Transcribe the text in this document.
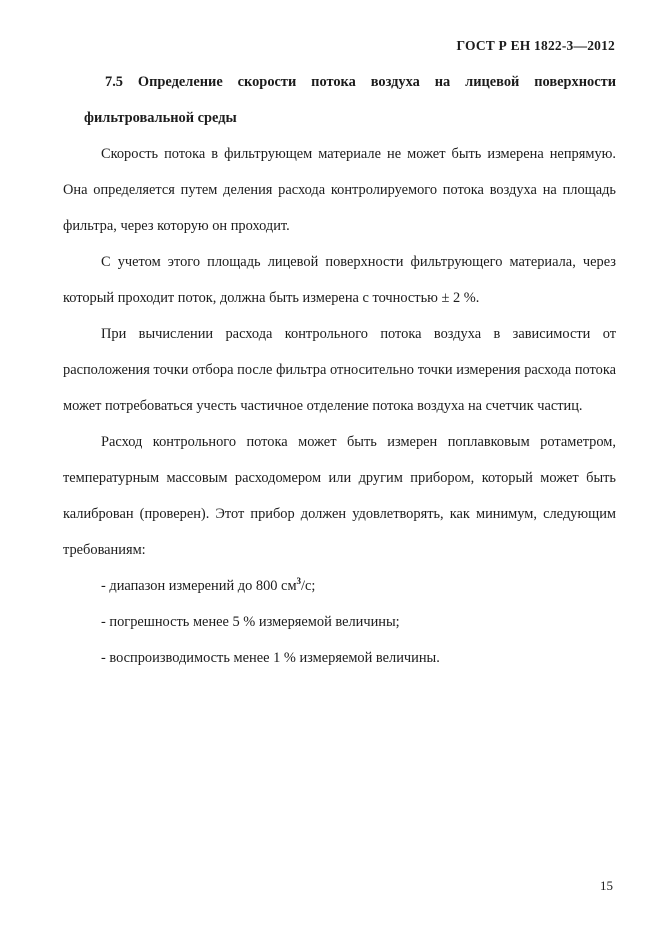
ГОСТ Р ЕН 1822-3—2012
7.5 Определение скорости потока воздуха на лицевой поверхности
фильтровальной среды

Скорость потока в фильтрующем материале не может быть измерена непрямую. Она определяется путем деления расхода контролируемого потока воздуха на площадь фильтра, через которую он проходит.

С учетом этого площадь лицевой поверхности фильтрующего материала, через который проходит поток, должна быть измерена с точностью ± 2 %.

При вычислении расхода контрольного потока воздуха в зависимости от расположения точки отбора после фильтра относительно точки измерения расхода потока может потребоваться учесть частичное отделение потока воздуха на счетчик частиц.

Расход контрольного потока может быть измерен поплавковым ротаметром, температурным массовым расходомером или другим прибором, который может быть калиброван (проверен). Этот прибор должен удовлетворять, как минимум, следующим требованиям:

- диапазон измерений до 800 $см^3/с$;

- погрешность менее 5 % измеряемой величины;

- воспроизводимость менее 1 % измеряемой величины.

15
